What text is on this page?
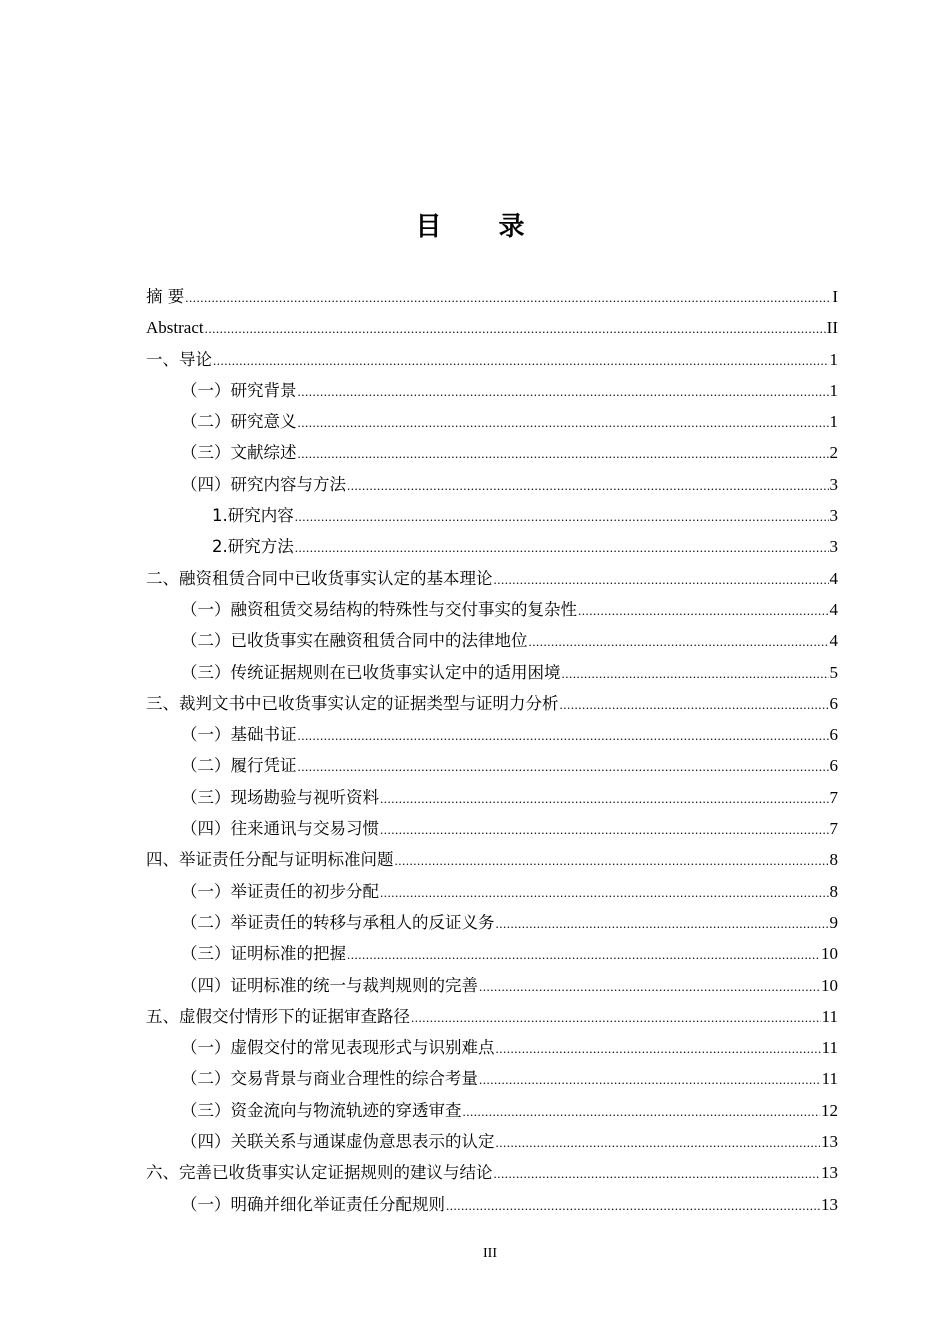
目 录
摘 要 .....	I
Abstract .....	II
一、导论 .....	1
（一）研究背景 .....	1
（二）研究意义 .....	1
（三）文献综述 .....	2
（四）研究内容与方法 .....	3
1.研究内容 .....	3
2.研究方法 .....	3
二、融资租赁合同中已收货事实认定的基本理论 .....	4
（一）融资租赁交易结构的特殊性与交付事实的复杂性 .....	4
（二）已收货事实在融资租赁合同中的法律地位 .....	4
（三）传统证据规则在已收货事实认定中的适用困境 .....	5
三、裁判文书中已收货事实认定的证据类型与证明力分析 .....	6
（一）基础书证 .....	6
（二）履行凭证 .....	6
（三）现场勘验与视听资料 .....	7
（四）往来通讯与交易习惯 .....	7
四、举证责任分配与证明标准问题 .....	8
（一）举证责任的初步分配 .....	8
（二）举证责任的转移与承租人的反证义务 .....	9
（三）证明标准的把握 .....	10
（四）证明标准的统一与裁判规则的完善 .....	10
五、虚假交付情形下的证据审查路径 .....	11
（一）虚假交付的常见表现形式与识别难点 .....	11
（二）交易背景与商业合理性的综合考量 .....	11
（三）资金流向与物流轨迹的穿透审查 .....	12
（四）关联关系与通谋虚伪意思表示的认定 .....	13
六、完善已收货事实认定证据规则的建议与结论 .....	13
（一）明确并细化举证责任分配规则 .....	13
III
